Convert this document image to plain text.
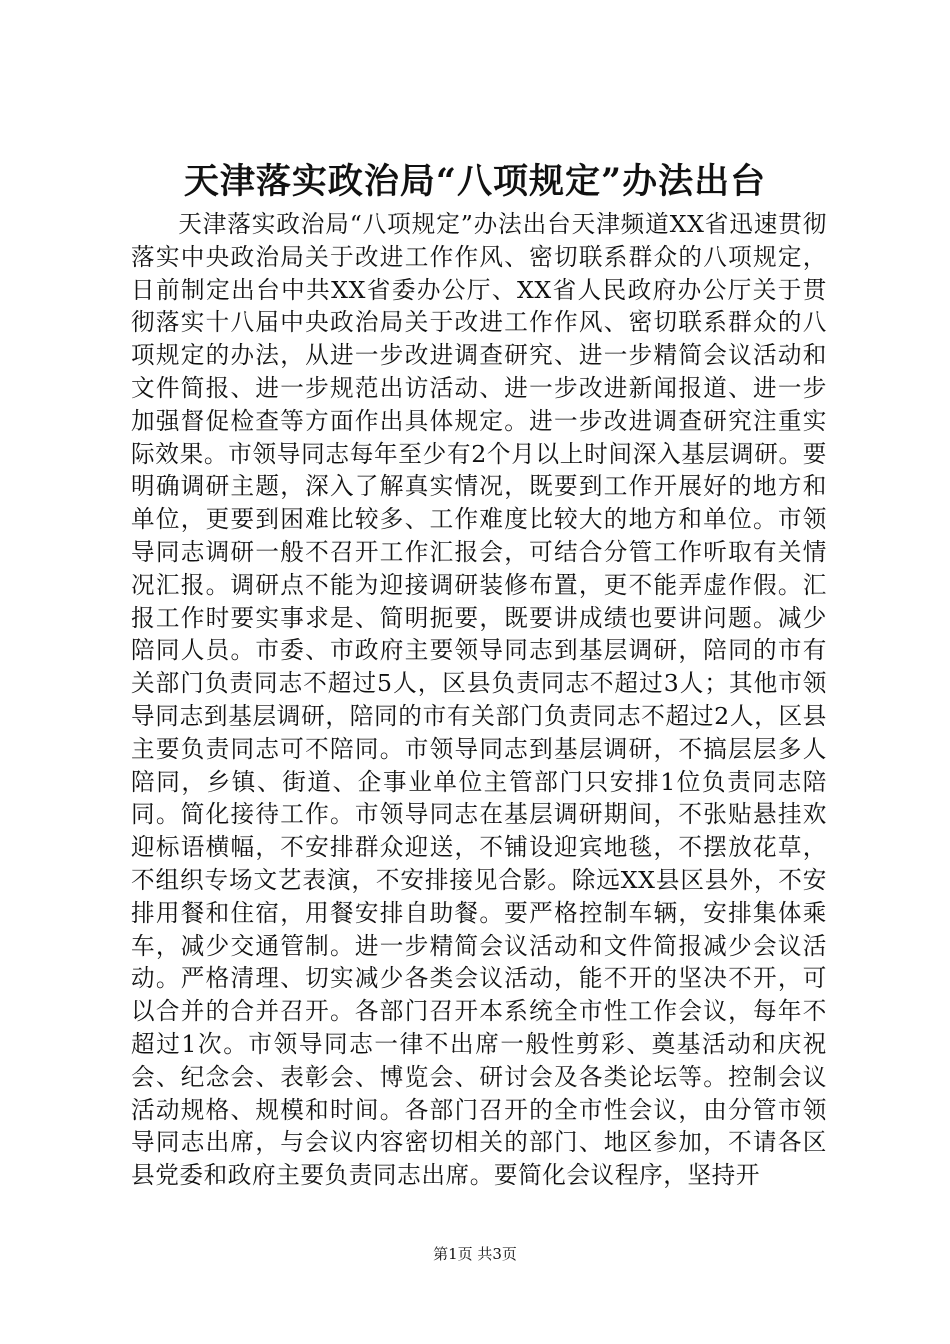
天津落实政治局“八项规定”办法出台

天津落实政治局“八项规定”办法出台天津频道XX省迅速贯彻落实中央政治局关于改进工作作风、密切联系群众的八项规定，日前制定出台中共XX省委办公厅、XX省人民政府办公厅关于贯彻落实十八届中央政治局关于改进工作作风、密切联系群众的八项规定的办法，从进一步改进调查研究、进一步精简会议活动和文件简报、进一步规范出访活动、进一步改进新闻报道、进一步加强督促检查等方面作出具体规定。进一步改进调查研究注重实际效果。市领导同志每年至少有2个月以上时间深入基层调研。要明确调研主题，深入了解真实情况，既要到工作开展好的地方和单位，更要到困难比较多、工作难度比较大的地方和单位。市领导同志调研一般不召开工作汇报会，可结合分管工作听取有关情况汇报。调研点不能为迎接调研装修布置，更不能弄虚作假。汇报工作时要实事求是、简明扼要，既要讲成绩也要讲问题。减少陪同人员。市委、市政府主要领导同志到基层调研，陪同的市有关部门负责同志不超过5人，区县负责同志不超过3人；其他市领导同志到基层调研，陪同的市有关部门负责同志不超过2人，区县主要负责同志可不陪同。市领导同志到基层调研，不搞层层多人陪同，乡镇、街道、企事业单位主管部门只安排1位负责同志陪同。简化接待工作。市领导同志在基层调研期间，不张贴悬挂欢迎标语横幅，不安排群众迎送，不铺设迎宾地毯，不摆放花草，不组织专场文艺表演，不安排接见合影。除远XX县区县外，不安排用餐和住宿，用餐安排自助餐。要严格控制车辆，安排集体乘车，减少交通管制。进一步精简会议活动和文件简报减少会议活动。严格清理、切实减少各类会议活动，能不开的坚决不开，可以合并的合并召开。各部门召开本系统全市性工作会议，每年不超过1次。市领导同志一律不出席一般性剪彩、奠基活动和庆祝会、纪念会、表彰会、博览会、研讨会及各类论坛等。控制会议活动规格、规模和时间。各部门召开的全市性会议，由分管市领导同志出席，与会议内容密切相关的部门、地区参加，不请各区县党委和政府主要负责同志出席。要简化会议程序，坚持开

第1页 共3页
